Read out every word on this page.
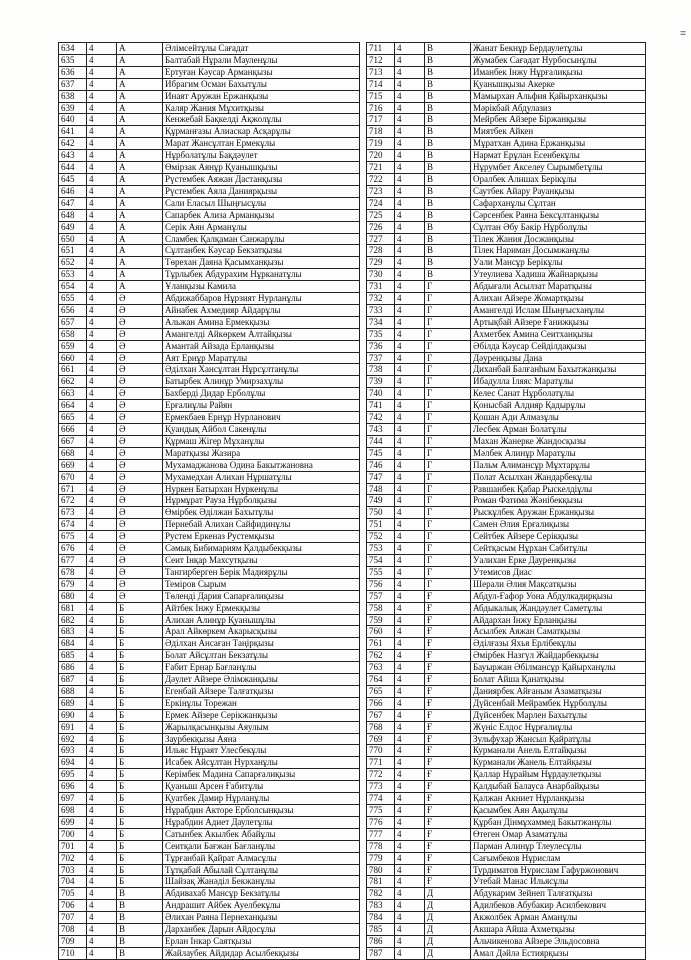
ıı
634	4	А	Әлімсейтұлы Сағадат
635	4	А	Балтабай Нұрали Мауленұлы
636	4	А	Ертуған Кәусар Арманқызы
637	4	А	Ибрагим Осман Бахытұлы
638	4	А	Инаят Аружан Ержанқызы
639	4	А	Каляр Жания Мұхитқызы
640	4	А	Кенжебай Бақкелді Ақжолұлы
641	4	А	Құрманғазы Алиаскар Асқарұлы
642	4	А	Марат Жансұлтан Ермекұлы
643	4	А	Нұрболатұлы Бақдәулет
644	4	А	Өмірзак Аянұр Қуанышқызы
645	4	А	Рүстембек Аяжан Дастанқызы
646	4	А	Рүстембек Аяла Даниярқызы
647	4	А	Сали Еласыл Шыңғысұлы
648	4	А	Сапарбек Ализа Арманқызы
649	4	А	Серік Аян Арманұлы
650	4	А	Сламбек Қалқаман Санжарұлы
651	4	А	Сұлтанбек Кәусар Бекзатқызы
652	4	А	Төреxан Даяна Қасымxанқызы
653	4	А	Тұрлыбек Абдурахим Нұрканатұлы
654	4	А	Ұланқызы Камила
655	4	Ә	Абдижаббаров Нұрзият Нурланұлы
656	4	Ә	Айнабек Ахмедияр Айдарұлы
657	4	Ә	Альжан Амина Ермекқызы
658	4	Ә	Амангелді Айкөркем Алтайқызы
659	4	Ә	Амантай Айзада Ерланқызы
660	4	Ә	Аят Ернұр Маратұлы
661	4	Ә	Әділхан Хансұлтан Нұрсұлтанұлы
662	4	Ә	Батырбек Алинұр Умирзахұлы
663	4	Ә	Бахберді Дидар Ерболұлы
664	4	Ә	Ерғалиұлы Райян
665	4	Ә	Ермекбаев Ернұр Нурланович
666	4	Ә	Қуандық Айбол Сакенұлы
667	4	Ә	Құрмаш Жігер Мұханұлы
668	4	Ә	Маратқызы Жазира
669	4	Ә	Мухамаджанова Одина Бакытжановна
670	4	Ә	Мухамедхан Алихан Нұршатұлы
671	4	Ә	Нуркен Батырхан Нуркенұлы
672	4	Ә	Нұрмұрат Рауза Нұрболқызы
673	4	Ә	Өмірбек Әділжан Бахытұлы
674	4	Ә	Пернебай Алихан Сайфидинұлы
675	4	Ә	Рустем Еркеназ Рустемқызы
676	4	Ә	Сәмық Бибимариям Қалдыбекқызы
677	4	Ә	Сеит Інқар Махсутқызы
678	4	Ә	Тангирберген Берік Мадиярұлы
679	4	Ә	Теміров Сырым
680	4	Ә	Төленді Дария Сапарғалиқызы
681	4	Б	Айтбек Інжу Ермекқызы
682	4	Б	Алихан Алинұр Қуанышұлы
683	4	Б	Арал Айкөркем Акарысқызы
684	4	Б	Әділхан Ансаған Таңірқызы
685	4	Б	Болат Айсұлтан Бекзатұлы
686	4	Б	Ғабит Ернар Бағланұлы
687	4	Б	Дәулет Айзере Әлімжанқызы
688	4	Б	Егенбай Айзере Талғатқызы
689	4	Б	Еркінұлы Торежан
690	4	Б	Ермек Айзере Серікжанқызы
691	4	Б	Жарылқасынқызы Аяулым
692	4	Б	Заурбекқызы Аяна
693	4	Б	Ильяс Нұраят Улесбекұлы
694	4	Б	Исабек Айсұлтан Нурханұлы
695	4	Б	Керімбек Мадина Сапарғалиқызы
696	4	Б	Қуаныш Арсен Ғабитұлы
697	4	Б	Қуатбек Дамир Нұрланұлы
698	4	Б	Нұрабдин Акторе Ерболсынқызы
699	4	Б	Нұрабдин Адиет Даулетұлы
700	4	Б	Сатынбек Акылбек Абайұлы
701	4	Б	Сеитқали Бағжан Бағланұлы
702	4	Б	Тұрғанбай Қайрат Алмасұлы
703	4	Б	Тұтқабай Абылай Сұлтанұлы
704	4	Б	Шайзақ Жанәділ Бекжанұлы
705	4	В	Абдивахаб Мансұр Бекзатұлы
706	4	В	Андрашит Айбек Ауелбекұлы
707	4	В	Әлихан Раяна Пернеханқызы
708	4	В	Дархaнбек Дарын Айдосұлы
709	4	В	Ерлан Інкар Саятқызы
710	4	В	Жайлаубек Айдидар Асылбекқызы
711	4	В	Жанат Бекнұр Бердаулетұлы
712	4	В	Жумабек Сағадат Нурбосынұлы
713	4	В	Иманбек Інжу Нұрғалиқызы
714	4	В	Қуанышқызы Акерке
715	4	В	Мамырхан Альфия Қайырханқызы
716	4	В	Мәрікбай Абдулазиз
717	4	В	Мейрбек Айзере Біржанқызы
718	4	В	Миятбек Айкен
719	4	В	Мұратхан Адина Ержанқызы
720	4	В	Нармат Ерұлан Есенбекұлы
721	4	В	Нұрумбет Акселеу Сырымбетұлы
722	4	В	Оралбек Алишах Берікұлы
723	4	В	Саутбек Айару Рауанқызы
724	4	В	Сафарханұлы Сұлтан
725	4	В	Сәрсенбек Раяна Бекcұлтанқызы
726	4	В	Сұлтан Әбу Бәкір Нұрболұлы
727	4	В	Тілек Жания Досжанқызы
728	4	В	Тілек Нариман Досымжанұлы
729	4	В	Уали Мансұр Берікұлы
730	4	В	Утеулиева Хадиша Жайнарқызы
731	4	Г	Абдығали Асылзат Маратқызы
732	4	Г	Алихан Айзере Жомартқызы
733	4	Г	Амангелді Ислам Шыңғысханұлы
734	4	Г	Артықбай Айзере Ғанижқызы
735	4	Г	Ахметбек Амина Сеитханқызы
736	4	Г	Әбілда Кәусар Сейділдақызы
737	4	Г	Дәуренқызы Дана
738	4	Г	Диханбай Балғанһым Бахытжанқызы
739	4	Г	Ибадулла Іляяс Маратұлы
740	4	Г	Келес Санат Нұрболатұлы
741	4	Г	Қоныcбай Алдияр Қадырұлы
742	4	Г	Қошан Ади Алмазұлы
743	4	Г	Лесбек Арман Болатұлы
744	4	Г	Махан Жанерке Жандосқызы
745	4	Г	Мәлбек Алинұр Маратұлы
746	4	Г	Пальм Алиманcұр Мұхтарұлы
747	4	Г	Полат Асылхан Жандарбекұлы
748	4	Г	Равшанбек Қабар Рыскелдіұлы
749	4	Г	Роман Фатима Жәнібекқызы
750	4	Г	Рыскұлбек Аружан Ержанқызы
751	4	Г	Самен Әлия Ерғалиқызы
752	4	Г	Сейтбек Айзере Серікқызы
753	4	Г	Сейтқасым Нұрхан Сабитұлы
754	4	Г	Уалихан Ерке Дауренқызы
755	4	Г	Утемисов Диас
756	4	Г	Шерали Әлия Мақсатқызы
757	4	Ғ	Абдул-Ғафор Уона Абдулкадирқызы
758	4	Ғ	Абдыкалық Жандәулет Саметұлы
759	4	Ғ	Айдархан Інжу Ерланқызы
760	4	Ғ	Асылбек Аяжан Саматқызы
761	4	Ғ	Әділғазы Яхья Ерлібекұлы
762	4	Ғ	Әмірбек Назгүл Жайдарбекқызы
763	4	Ғ	Бауыржан Әбілманcұр Қайырханұлы
764	4	Ғ	Болат Айша Қанатқызы
765	4	Ғ	Даниярбек Айғаным Азаматқызы
766	4	Ғ	Дүйсенбай Мейрамбек Нұрболұлы
767	4	Ғ	Дүйсенбек Марлен Бахытұлы
768	4	Ғ	Жүніс Елдос Нұрғалиұлы
769	4	Ғ	Зульфухар Жансыл Қайратұлы
770	4	Ғ	Курманали Анель Елтайқызы
771	4	Ғ	Курманали Жанель Елтайқызы
772	4	Ғ	Қаллар Нұрайым Нұрдаулетқызы
773	4	Ғ	Қалдыбай Балауса Анарбайқызы
774	4	Ғ	Қалжан Акниет Нұрланқызы
775	4	Ғ	Қасымбек Аян Ақылұлы
776	4	Ғ	Құрбан Дінмұхаммед Бакытжанұлы
777	4	Ғ	Өтеген Омар Азаматұлы
778	4	Ғ	Парман Алинұр Тлеулесұлы
779	4	Ғ	Сағымбеков Нұрислам
780	4	Ғ	Турдиматов Нурислам Гафуржонович
781	4	Ғ	Утебай Манас Ильясұлы
782	4	Д	Абдукарим Зейнеп Талғатқызы
783	4	Д	Адилбеков Абубакир Асилбекович
784	4	Д	Акжолбек Арман Аманұлы
785	4	Д	Акшара Айша Ахметқызы
786	4	Д	Альчикенова Айзере Эльдосовна
787	4	Д	Амал Дәйлә Естиярқызы
